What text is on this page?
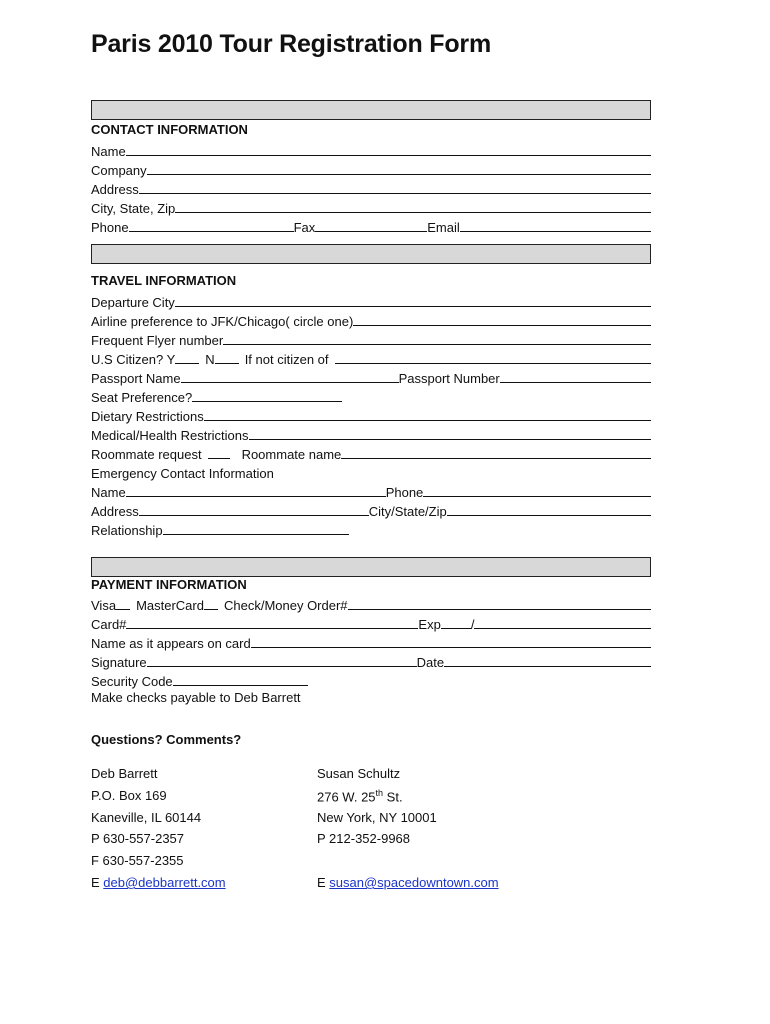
Paris 2010 Tour Registration Form
CONTACT INFORMATION
Name
Company
Address
City, State, Zip
Phone	Fax	Email
TRAVEL INFORMATION
Departure City
Airline preference to JFK/Chicago( circle one)
Frequent Flyer number
U.S Citizen? Y N If not citizen of
Passport Name	Passport Number
Seat Preference?
Dietary Restrictions
Medical/Health Restrictions
Roommate request	Roommate name
Emergency Contact Information
Name	Phone
Address	City/State/Zip
Relationship
PAYMENT INFORMATION
Visa MasterCard Check/Money Order#
Card#	Exp /
Name as it appears on card
Signature	Date
Security Code
Make checks payable to Deb Barrett
Questions? Comments?
Deb Barrett
P.O. Box 169
Kaneville, IL 60144
P 630-557-2357
F 630-557-2355
E deb@debbarrett.com
Susan Schultz
276 W. 25th St.
New York, NY 10001
P 212-352-9968
E susan@spacedowntown.com
